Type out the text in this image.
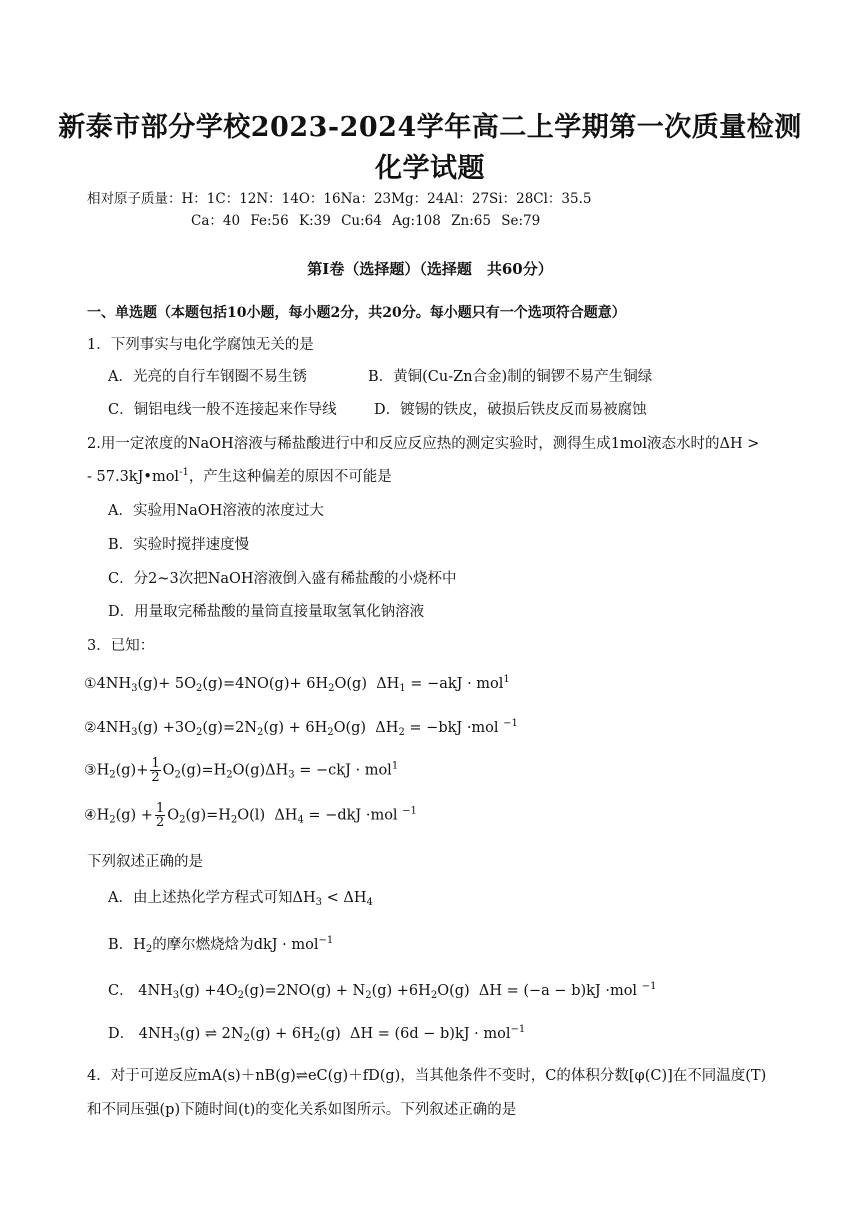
新泰市部分学校2023-2024学年高二上学期第一次质量检测
化学试题
相对原子质量：H：1C：12N：14O：16Na：23Mg：24Al：27Si：28Cl：35.5
Ca：40 Fe:56 K:39 Cu:64 Ag:108 Zn:65 Se:79
第Ⅰ卷（选择题）（选择题　共60分）
一、单选题（本题包括10小题，每小题2分，共20分。每小题只有一个选项符合题意）
1．下列事实与电化学腐蚀无关的是
A．光亮的自行车钢圈不易生锈	B．黄铜(Cu-Zn合金)制的铜锣不易产生铜绿
C．铜铝电线一般不连接起来作导线	D．镀锡的铁皮，破损后铁皮反而易被腐蚀
2.用一定浓度的NaOH溶液与稀盐酸进行中和反应反应热的测定实验时，测得生成1mol液态水时的ΔH >
- 57.3kJ•mol$^{-1}$，产生这种偏差的原因不可能是
A．实验用NaOH溶液的浓度过大
B．实验时搅拌速度慢
C．分2~3次把NaOH溶液倒入盛有稀盐酸的小烧杯中
D．用量取完稀盐酸的量筒直接量取氢氧化钠溶液
3．已知：
$①4NH_3(g)+ 5O_2(g)=4NO(g)+ 6H_2O(g) \Delta H_1 = -akJ \cdot mol^1$
$②4NH_3(g) +3O_2(g)=2N_2(g) + 6H_2O(g) \Delta H_2 = -bkJ \cdot mol$ $^{-1}$
$③H_2(g)+ \frac{1}{2} O_2(g)=H_2O(g)\Delta H_3 = -ckJ \cdot mol^1$
$④H_2(g) + \frac{1}{2} O_2(g)=H_2O(l) \Delta H_4 = -dkJ \cdot mol$ $^{-1}$
下列叙述正确的是
A．由上述热化学方程式可知$\Delta H_3 < \Delta H_4$
B．$H_2$的摩尔燃烧焓为dkJ · mol$^{-1}$
C． $4NH_3(g) +4O_2(g)=2NO(g) + N_2(g) +6H_2O(g) \Delta H = (-a - b)kJ \cdot mol$ $^{-1}$
D． $4NH_3(g)$ ⇌ $2N_2(g) + 6H_2(g) \Delta H = (6d - b)kJ \cdot mol^{-1}$
4．对于可逆反应mA(s)＋nB(g)⇌eC(g)＋fD(g)，当其他条件不变时，C的体积分数[φ(C)]在不同温度(T)
和不同压强(p)下随时间(t)的变化关系如图所示。下列叙述正确的是
